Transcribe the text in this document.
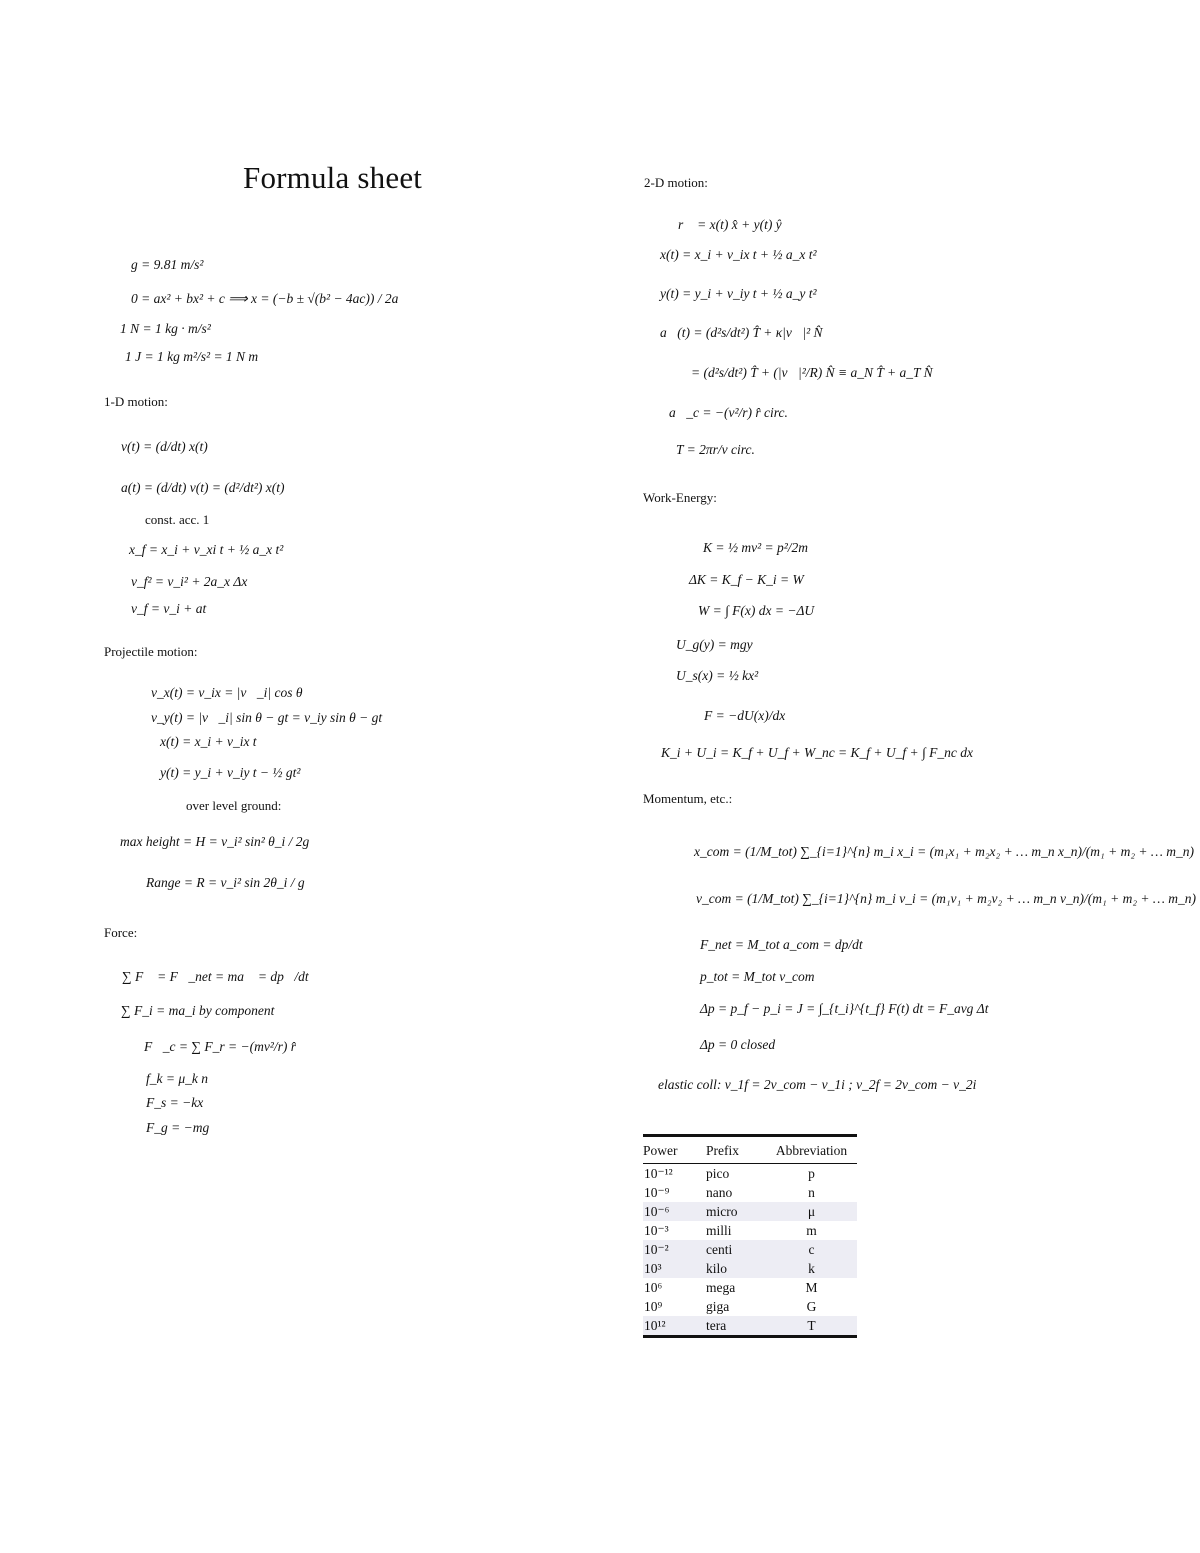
Formula sheet
g = 9.81 m/s²
0 = ax² + bx² + c ⟹ x = (−b ± √(b² − 4ac)) / 2a
1 N = 1 kg · m/s²
1 J = 1 kg m²/s² = 1 N m
1-D motion:
v(t) = (d/dt) x(t)
a(t) = (d/dt) v(t) = (d²/dt²) x(t)
const. acc. 1
x_f = x_i + v_xi t + ½ a_x t²
v_f² = v_i² + 2a_x Δx
v_f = v_i + at
Projectile motion:
v_x(t) = v_ix = |v⃗_i| cos θ
v_y(t) = |v⃗_i| sin θ − gt = v_iy sin θ − gt
x(t) = x_i + v_ix t
y(t) = y_i + v_iy t − ½ gt²
over level ground:
max height = H = v_i² sin² θ_i / 2g
Range = R = v_i² sin 2θ_i / g
Force:
∑ F⃗ = F⃗_net = ma⃗ = dp⃗/dt
∑ F_i = ma_i by component
F⃗_c = ∑ F_r = −(mv²/r) r̂
f_k = μ_k n
F_s = −kx
F_g = −mg
2-D motion:
r⃗ = x(t) x̂ + y(t) ŷ
x(t) = x_i + v_ix t + ½ a_x t²
y(t) = y_i + v_iy t + ½ a_y t²
a⃗(t) = (d²s/dt²) T̂ + κ|v⃗|² N̂
= (d²s/dt²) T̂ + (|v⃗|²/R) N̂ ≡ a_N T̂ + a_T N̂
a⃗_c = −(v²/r) r̂ circ.
T = 2πr/v circ.
Work-Energy:
K = ½ mv² = p²/2m
ΔK = K_f − K_i = W
W = ∫ F(x) dx = −ΔU
U_g(y) = mgy
U_s(x) = ½ kx²
F = −dU(x)/dx
K_i + U_i = K_f + U_f + W_nc = K_f + U_f + ∫ F_nc dx
Momentum, etc.:
x_com = (1/M_tot) ∑_{i=1}^{n} m_i x_i = (m₁x₁ + m₂x₂ + … m_n x_n)/(m₁ + m₂ + … m_n)
v_com = (1/M_tot) ∑_{i=1}^{n} m_i v_i = (m₁v₁ + m₂v₂ + … m_n v_n)/(m₁ + m₂ + … m_n)
F_net = M_tot a_com = dp/dt
p_tot = M_tot v_com
Δp = p_f − p_i = J = ∫_{t_i}^{t_f} F(t) dt = F_avg Δt
Δp = 0 closed
elastic coll: v_1f = 2v_com − v_1i ; v_2f = 2v_com − v_2i
Power	Prefix	Abbreviation
10⁻¹²	pico	p
10⁻⁹	nano	n
10⁻⁶	micro	μ
10⁻³	milli	m
10⁻²	centi	c
10³	kilo	k
10⁶	mega	M
10⁹	giga	G
10¹²	tera	T
